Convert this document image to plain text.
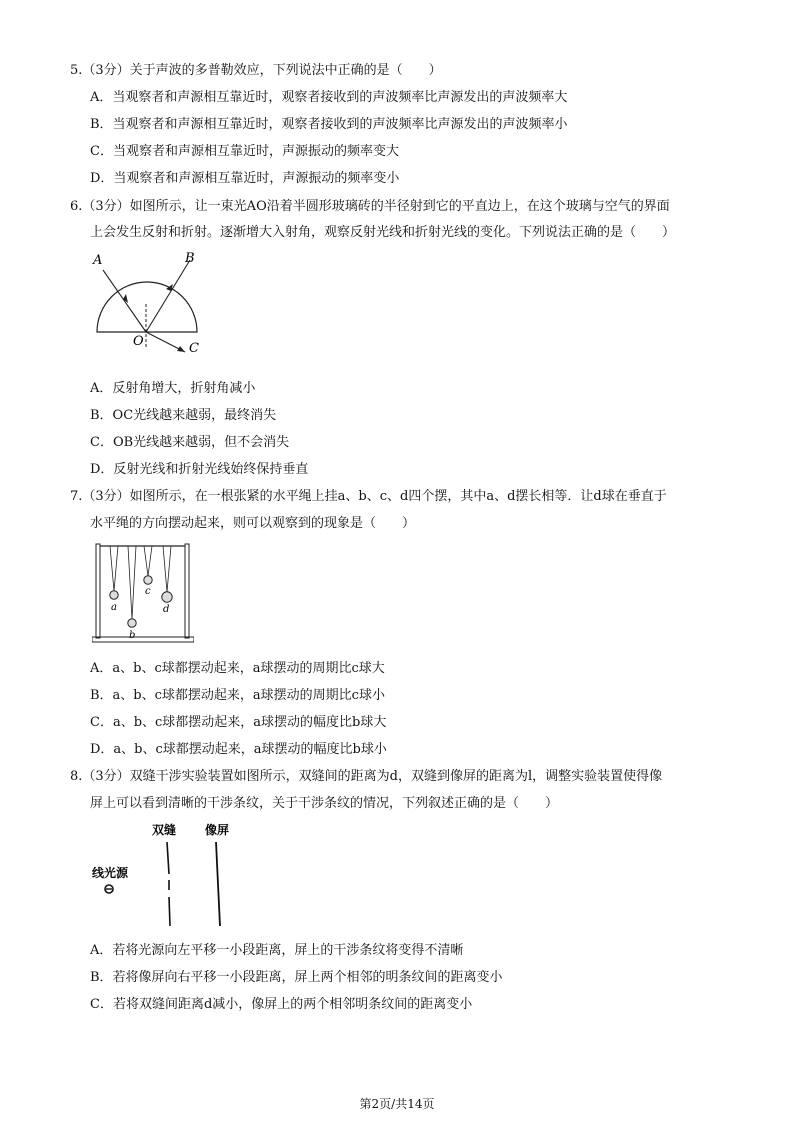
5.（3分）关于声波的多普勒效应，下列说法中正确的是（　　）
A．当观察者和声源相互靠近时，观察者接收到的声波频率比声源发出的声波频率大
B．当观察者和声源相互靠近时，观察者接收到的声波频率比声源发出的声波频率小
C．当观察者和声源相互靠近时，声源振动的频率变大
D．当观察者和声源相互靠近时，声源振动的频率变小
6.（3分）如图所示，让一束光AO沿着半圆形玻璃砖的半径射到它的平直边上，在这个玻璃与空气的界面
上会发生反射和折射。逐渐增大入射角，观察反射光线和折射光线的变化。下列说法正确的是（　　）
A	B
O	C
A．反射角增大，折射角减小
B．OC光线越来越弱，最终消失
C．OB光线越来越弱，但不会消失
D．反射光线和折射光线始终保持垂直
7.（3分）如图所示，在一根张紧的水平绳上挂a、b、c、d四个摆，其中a、d摆长相等．让d球在垂直于
水平绳的方向摆动起来，则可以观察到的现象是（　　）
a
b
c
d
A．a、b、c球都摆动起来，a球摆动的周期比c球大
B．a、b、c球都摆动起来，a球摆动的周期比c球小
C．a、b、c球都摆动起来，a球摆动的幅度比b球大
D．a、b、c球都摆动起来，a球摆动的幅度比b球小
8.（3分）双缝干涉实验装置如图所示，双缝间的距离为d，双缝到像屏的距离为l，调整实验装置使得像
屏上可以看到清晰的干涉条纹，关于干涉条纹的情况，下列叙述正确的是（　　）
双缝 像屏
线光源
A．若将光源向左平移一小段距离，屏上的干涉条纹将变得不清晰
B．若将像屏向右平移一小段距离，屏上两个相邻的明条纹间的距离变小
C．若将双缝间距离d减小，像屏上的两个相邻明条纹间的距离变小
第2页/共14页
